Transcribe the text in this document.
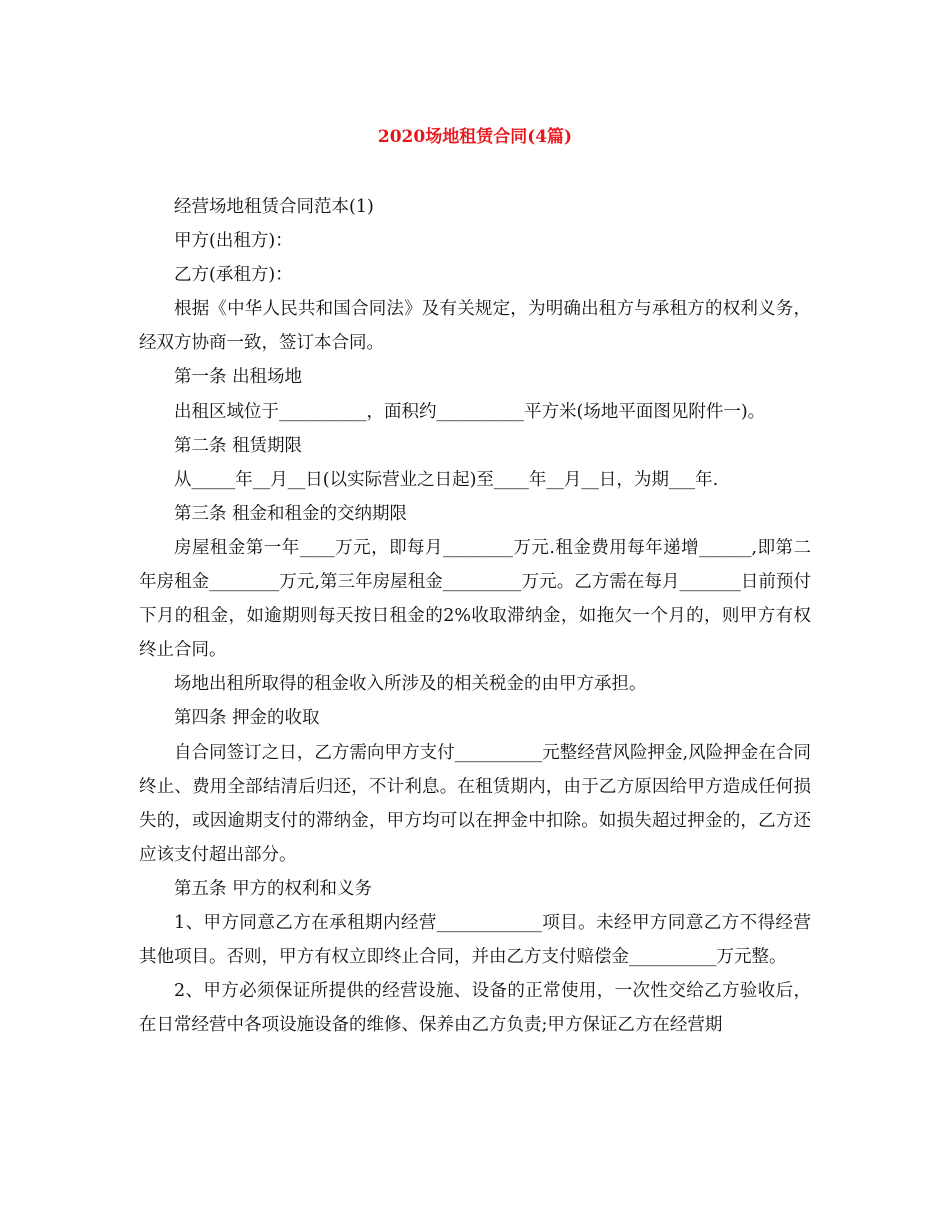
2020场地租赁合同(4篇)

经营场地租赁合同范本(1)

甲方(出租方)：

乙方(承租方)：

根据《中华人民共和国合同法》及有关规定，为明确出租方与承租方的权利义务，经双方协商一致，签订本合同。

第一条 出租场地

出租区域位于__________，面积约__________平方米(场地平面图见附件一)。

第二条 租赁期限

从_____年__月__日(以实际营业之日起)至____年__月__日，为期___年.

第三条 租金和租金的交纳期限

房屋租金第一年____万元，即每月________万元.租金费用每年递增______,即第二年房租金________万元,第三年房屋租金_________万元。乙方需在每月_______日前预付下月的租金，如逾期则每天按日租金的2%收取滞纳金，如拖欠一个月的，则甲方有权终止合同。

场地出租所取得的租金收入所涉及的相关税金的由甲方承担。

第四条 押金的收取

自合同签订之日，乙方需向甲方支付__________元整经营风险押金,风险押金在合同终止、费用全部结清后归还，不计利息。在租赁期内，由于乙方原因给甲方造成任何损失的，或因逾期支付的滞纳金，甲方均可以在押金中扣除。如损失超过押金的，乙方还应该支付超出部分。

第五条 甲方的权利和义务

1、甲方同意乙方在承租期内经营____________项目。未经甲方同意乙方不得经营其他项目。否则，甲方有权立即终止合同，并由乙方支付赔偿金__________万元整。

2、甲方必须保证所提供的经营设施、设备的正常使用，一次性交给乙方验收后，在日常经营中各项设施设备的维修、保养由乙方负责;甲方保证乙方在经营期
